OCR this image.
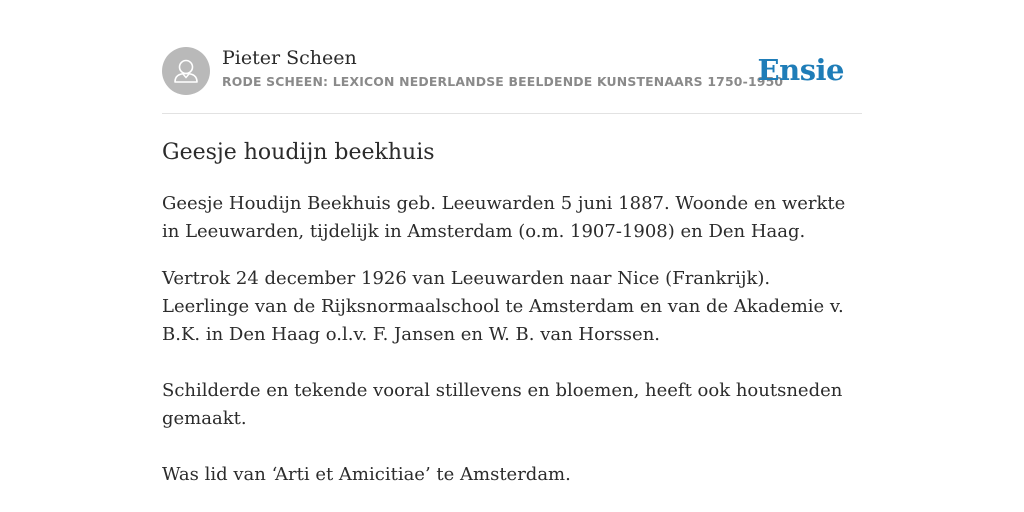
Pieter Scheen
RODE SCHEEN: LEXICON NEDERLANDSE BEELDENDE KUNSTENAARS 1750-1950
Ensie
Geesje houdijn beekhuis

Geesje Houdijn Beekhuis geb. Leeuwarden 5 juni 1887. Woonde en werkte in Leeuwarden, tijdelijk in Amsterdam (o.m. 1907-1908) en Den Haag.

Vertrok 24 december 1926 van Leeuwarden naar Nice (Frankrijk). Leerlinge van de Rijksnormaalschool te Amsterdam en van de Akademie v. B.K. in Den Haag o.l.v. F. Jansen en W. B. van Horssen.

Schilderde en tekende vooral stillevens en bloemen, heeft ook houtsneden gemaakt.

Was lid van ‘Arti et Amicitiae’ te Amsterdam.
